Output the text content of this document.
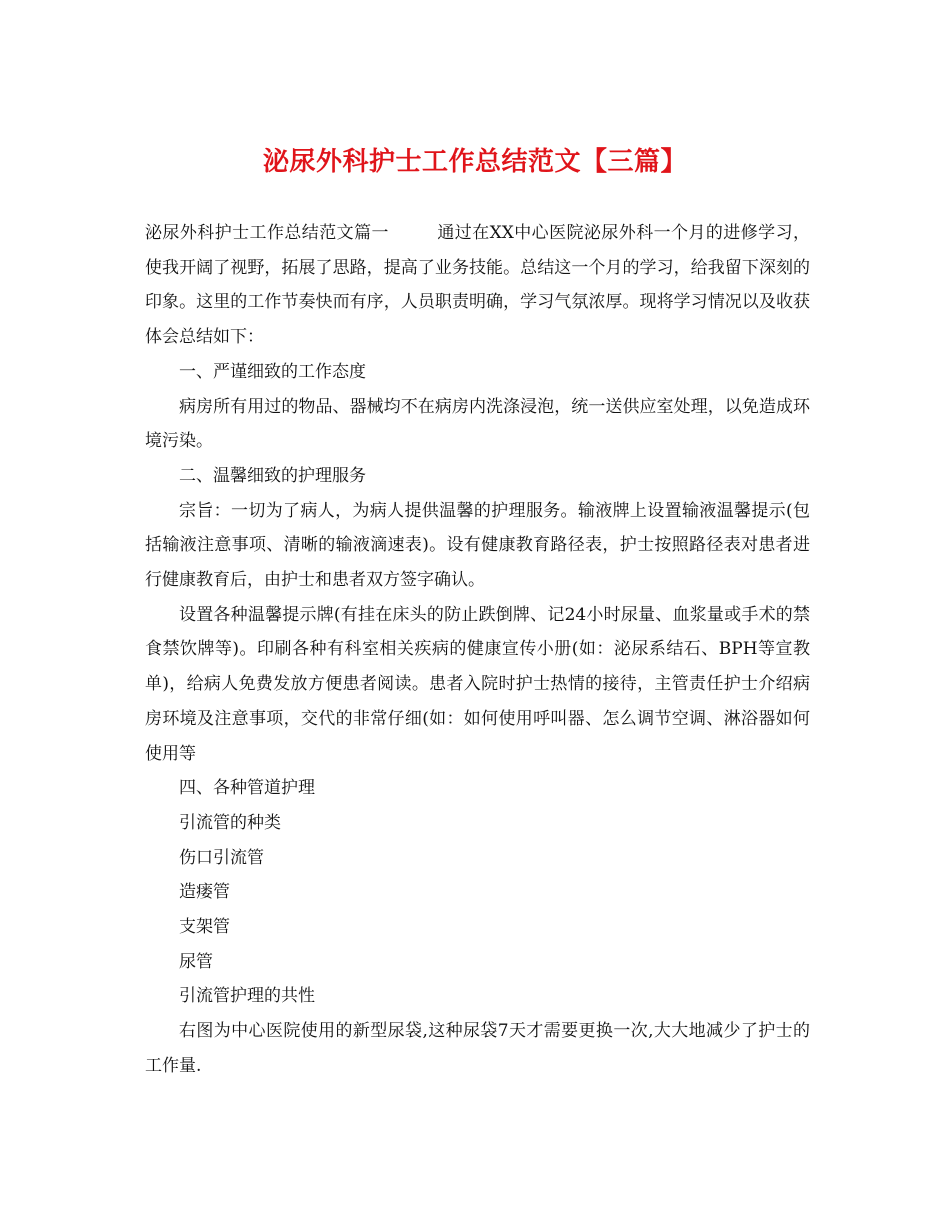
泌尿外科护士工作总结范文【三篇】

泌尿外科护士工作总结范文篇一	通过在XX中心医院泌尿外科一个月的进修学习，使我开阔了视野，拓展了思路，提高了业务技能。总结这一个月的学习，给我留下深刻的印象。这里的工作节奏快而有序，人员职责明确，学习气氛浓厚。现将学习情况以及收获体会总结如下：

一、严谨细致的工作态度

病房所有用过的物品、器械均不在病房内洗涤浸泡，统一送供应室处理，以免造成环境污染。

二、温馨细致的护理服务

宗旨：一切为了病人，为病人提供温馨的护理服务。输液牌上设置输液温馨提示(包括输液注意事项、清晰的输液滴速表)。设有健康教育路径表，护士按照路径表对患者进行健康教育后，由护士和患者双方签字确认。

设置各种温馨提示牌(有挂在床头的防止跌倒牌、记24小时尿量、血浆量或手术的禁食禁饮牌等)。印刷各种有科室相关疾病的健康宣传小册(如：泌尿系结石、BPH等宣教单)，给病人免费发放方便患者阅读。患者入院时护士热情的接待，主管责任护士介绍病房环境及注意事项，交代的非常仔细(如：如何使用呼叫器、怎么调节空调、淋浴器如何使用等

四、各种管道护理

引流管的种类

伤口引流管

造瘘管

支架管

尿管

引流管护理的共性

右图为中心医院使用的新型尿袋,这种尿袋7天才需要更换一次,大大地减少了护士的工作量.
